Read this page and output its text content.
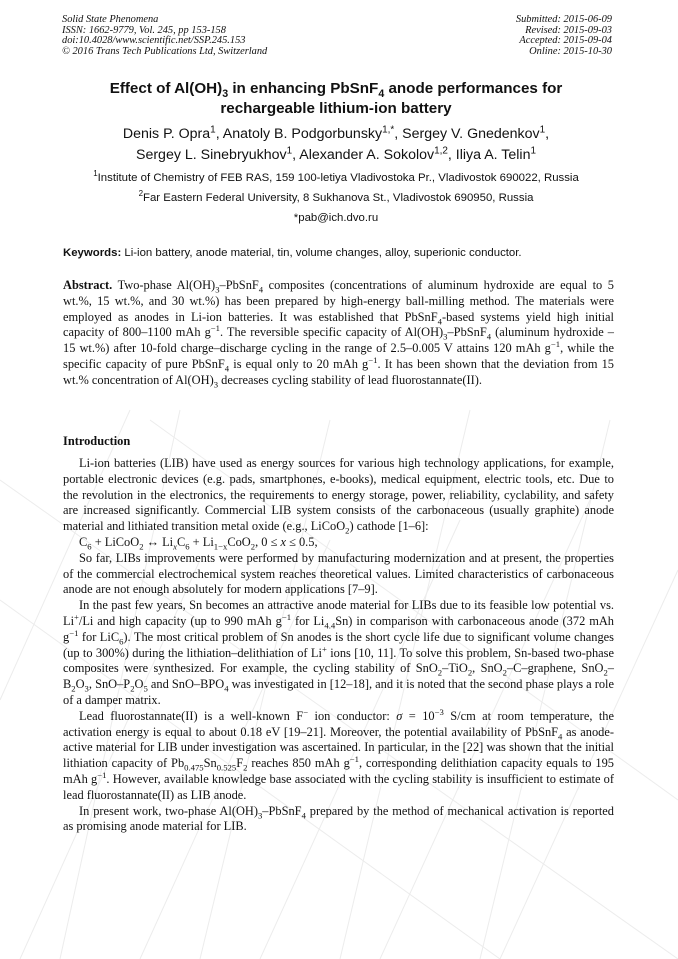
Solid State Phenomena
ISSN: 1662-9779, Vol. 245, pp 153-158
doi:10.4028/www.scientific.net/SSP.245.153
© 2016 Trans Tech Publications Ltd, Switzerland
Submitted: 2015-06-09
Revised: 2015-09-03
Accepted: 2015-09-04
Online: 2015-10-30
Effect of $Al(OH)_3$ in enhancing PbSnF$_4$ anode performances for
rechargeable lithium-ion battery
Denis P. Opra$^1$, Anatoly B. Podgorbunsky$^{1,*}$, Sergey V. Gnedenkov$^1$,
Sergey L. Sinebryukhov$^1$, Alexander A. Sokolov$^{1,2}$, Iliya A. Telin$^1$
$^1$Institute of Chemistry of FEB RAS, 159 100-letiya Vladivostoka Pr., Vladivostok 690022, Russia
$^2$Far Eastern Federal University, 8 Sukhanova St., Vladivostok 690950, Russia
*pab@ich.dvo.ru
Keywords: Li-ion battery, anode material, tin, volume changes, alloy, superionic conductor.
Abstract. Two-phase $Al(OH)_3-PbSnF_4$ composites (concentrations of aluminum hydroxide are equal to 5 wt.%, 15 wt.%, and 30 wt.%) has been prepared by high-energy ball-milling method. The materials were employed as anodes in Li-ion batteries. It was established that PbSnF$_4$-based systems yield high initial capacity of 800–1100 mAh $g^{-1}$. The reversible specific capacity of $Al(OH)_3-PbSnF_4$ (aluminum hydroxide – 15 wt.%) after 10-fold charge–discharge cycling in the range of 2.5–0.005 V attains 120 mAh $g^{-1}$, while the specific capacity of pure PbSnF$_4$ is equal only to 20 mAh $g^{-1}$. It has been shown that the deviation from 15 wt.% concentration of $Al(OH)_3$ decreases cycling stability of lead fluorostannate(II).
Introduction

Li-ion batteries (LIB) have used as energy sources for various high technology applications, for example, portable electronic devices (e.g. pads, smartphones, e-books), medical equipment, electric tools, etc. Due to the revolution in the electronics, the requirements to energy storage, power, reliability, cyclability, and safety are increased significantly. Commercial LIB system consists of the carbonaceous (usually graphite) anode material and lithiated transition metal oxide (e.g., LiCoO$_2$) cathode [1–6]:

$C_6$ + LiCoO$_2$ ↔ $Li_xC_6 + Li_{1-x}CoO_2$, 0 ≤ x ≤ 0.5,

So far, LIBs improvements were performed by manufacturing modernization and at present, the properties of the commercial electrochemical system reaches theoretical values. Limited characteristics of carbonaceous anode are not enough absolutely for modern applications [7–9].

In the past few years, Sn becomes an attractive anode material for LIBs due to its feasible low potential vs. Li+/Li and high capacity (up to 990 mAh $g^{-1}$ for $Li_{4.4}Sn$) in comparison with carbonaceous anode (372 mAh $g^{-1}$ for LiC$_6$). The most critical problem of Sn anodes is the short cycle life due to significant volume changes (up to 300%) during the lithiation–delithiation of Li+ ions [10, 11]. To solve this problem, Sn-based two-phase composites were synthesized. For example, the cycling stability of SnO$_2$–TiO$_2$, SnO$_2$–C–graphene, $SnO_2-B_2O_3$, SnO–$P_2O_5$ and SnO–$BPO_4$ was investigated in [12–18], and it is noted that the second phase plays a role of a damper matrix.

Lead fluorostannate(II) is a well-known F− ion conductor: $\sigma = 10^{-3}$ S/cm at room temperature, the activation energy is equal to about 0.18 eV [19–21]. Moreover, the potential availability of PbSnF$_4$ as anode-active material for LIB under investigation was ascertained. In particular, in the [22] was shown that the initial lithiation capacity of $Pb_{0.475}Sn_{0.525}F_2$ reaches 850 mAh $g^{-1}$, corresponding delithiation capacity equals to 195 mAh $g^{-1}$. However, available knowledge base associated with the cycling stability is insufficient to estimate of lead fluorostannate(II) as LIB anode.

In present work, two-phase $Al(OH)_3-PbSnF_4$ prepared by the method of mechanical activation is reported as promising anode material for LIB.
